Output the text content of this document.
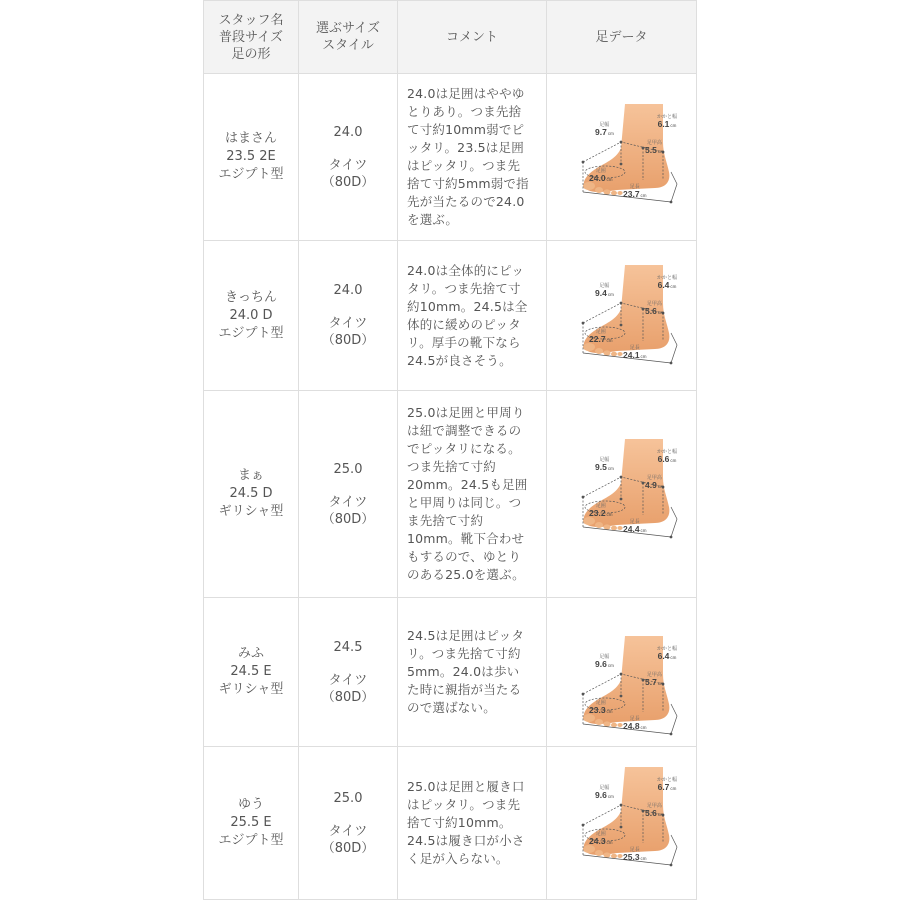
スタッフ名
普段サイズ
足の形
選ぶサイズ
スタイル
コメント	足データ
はまさん
23.5 2E
エジプト型
24.0
タイツ
（80D）
24.0は足囲はややゆ
とりあり。つま先捨
て寸約10mm弱でピ
ッタリ。23.5は足囲
はピッタリ。つま先
捨て寸約5mm弱で指
先が当たるので24.0
を選ぶ。
足幅
9.7cm
かかと幅
6.1cm
足甲高
5.5cm
足囲
24.0cm
足長
23.7cm
きっちん
24.0 D
エジプト型
24.0
タイツ
（80D）
24.0は全体的にピッ
タリ。つま先捨て寸
約10mm。24.5は全
体的に緩めのピッタ
リ。厚手の靴下なら
24.5が良さそう。
足幅
9.4cm
かかと幅
6.4cm
足甲高
5.6cm
足囲
22.7cm
足長
24.1cm
まぁ
24.5 D
ギリシャ型
25.0
タイツ
（80D）
25.0は足囲と甲周り
は紐で調整できるの
でピッタリになる。
つま先捨て寸約
20mm。24.5も足囲
と甲周りは同じ。つ
ま先捨て寸約
10mm。靴下合わせ
もするので、ゆとり
のある25.0を選ぶ。
足幅
9.5cm
かかと幅
6.6cm
足甲高
4.9cm
足囲
23.2cm
足長
24.4cm
みふ
24.5 E
ギリシャ型
24.5
タイツ
（80D）
24.5は足囲はピッタ
リ。つま先捨て寸約
5mm。24.0は歩い
た時に親指が当たる
ので選ばない。
足幅
9.6cm
かかと幅
6.4cm
足甲高
5.7cm
足囲
23.3cm
足長
24.8cm
ゆう
25.5 E
エジプト型
25.0
タイツ
（80D）
25.0は足囲と履き口
はピッタリ。つま先
捨て寸約10mm。
24.5は履き口が小さ
く足が入らない。
足幅
9.6cm
かかと幅
6.7cm
足甲高
5.6cm
足囲
24.3cm
足長
25.3cm
